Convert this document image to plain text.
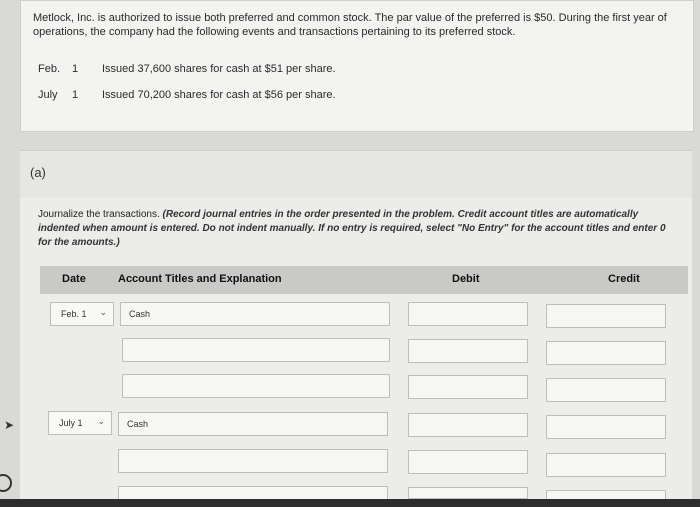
Metlock, Inc. is authorized to issue both preferred and common stock. The par value of the preferred is $50. During the first year of operations, the company had the following events and transactions pertaining to its preferred stock.
Feb. 1 Issued 37,600 shares for cash at $51 per share.
July 1 Issued 70,200 shares for cash at $56 per share.
(a)
Journalize the transactions. (Record journal entries in the order presented in the problem. Credit account titles are automatically indented when amount is entered. Do not indent manually. If no entry is required, select "No Entry" for the account titles and enter 0 for the amounts.)
Date	Account Titles and Explanation	Debit	Credit
Feb. 1 ⌄	Cash
July 1 ⌄	Cash
➤
